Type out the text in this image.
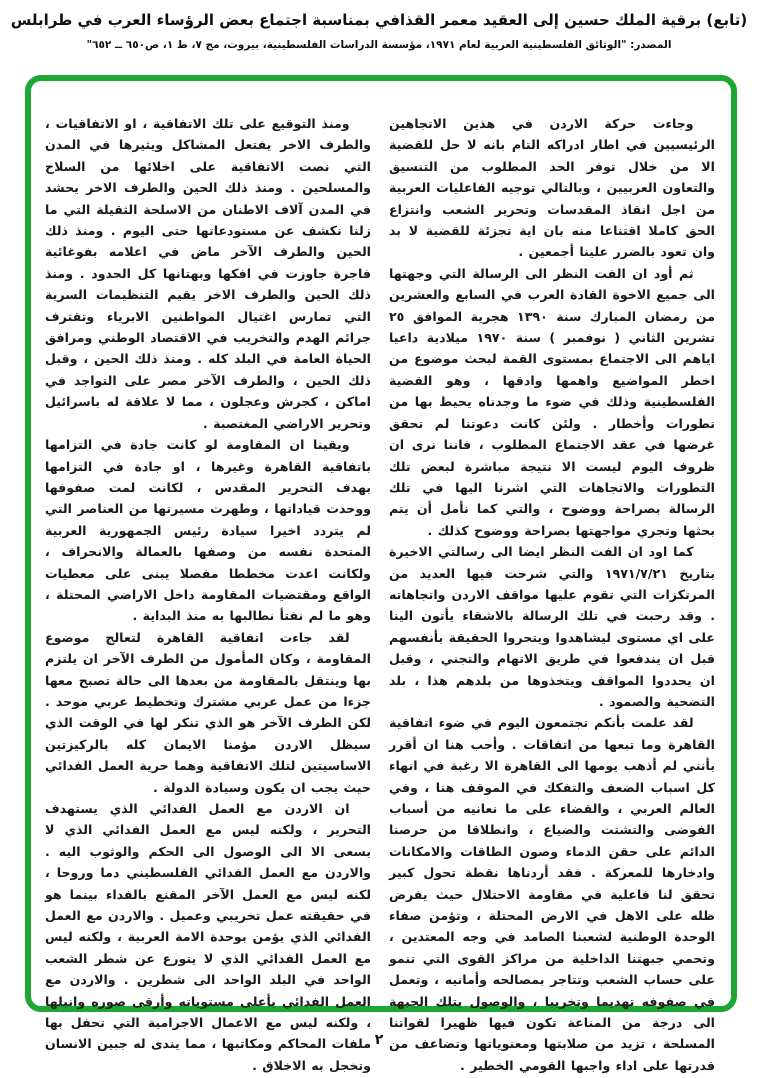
(تابع) برقية الملك حسين إلى العقيد معمر القذافي بمناسبة اجتماع بعض الرؤساء العرب في طرابلس
المصدر: "الوثائق الفلسطينية العربية لعام ١٩٧١، مؤسسة الدراسات الفلسطينية، بيروت، مج ٧، ط ١، ص٦٥٠ ــ ٦٥٢"

وجاءت حركة الاردن في هذين الاتجاهين الرئيسيين في اطار ادراكه التام بانه لا حل للقضية الا من خلال توفر الحد المطلوب من التنسيق والتعاون العربيين ، وبالتالي توجيه الفاعليات العربية من اجل انقاذ المقدسات وتحرير الشعب وانتزاع الحق كاملا اقتناعا منه بان اية تجزئة للقضية لا بد وان تعود بالضرر علينا أجمعين .

ثم أود ان الفت النظر الى الرسالة التي وجهتها الى جميع الاخوة القادة العرب في السابع والعشرين من رمضان المبارك سنة ١٣٩٠ هجرية الموافق ٢٥ تشرين الثاني ( نوفمبر ) سنة ١٩٧٠ ميلادية داعيا اياهم الى الاجتماع بمستوى القمة لبحث موضوع من اخطر المواضيع واهمها وادقها ، وهو القضية الفلسطينية وذلك في ضوء ما وجدناه يحيط بها من تطورات وأخطار . ولئن كانت دعوتنا لم تحقق غرضها في عقد الاجتماع المطلوب ، فاننا نرى ان ظروف اليوم ليست الا نتيجة مباشرة لبعض تلك التطورات والاتجاهات التي اشرنا اليها في تلك الرسالة بصراحة ووضوح ، والتي كما نأمل أن يتم بحثها وتجري مواجهتها بصراحة ووضوح كذلك .

كما اود ان الفت النظر ايضا الى رسالتي الاخيرة بتاريخ ١٩٧١/٧/٢١ والتي شرحت فيها العديد من المرتكزات التي تقوم عليها مواقف الاردن واتجاهاته . وقد رحبت في تلك الرسالة بالاشقاء يأتون الينا على اي مستوى ليشاهدوا ويتحروا الحقيقة بأنفسهم قبل ان يندفعوا في طريق الاتهام والتجني ، وقبل ان يحددوا المواقف ويتخذوها من بلدهم هذا ، بلد التضحية والصمود .

لقد علمت بأنكم تجتمعون اليوم في ضوء اتفاقية القاهرة وما تبعها من اتفاقات . وأحب هنا ان أقرر بأنني لم أذهب يومها الى القاهرة الا رغبة في انهاء كل اسباب الضعف والتفكك في الموقف هنا ، وفي العالم العربي ، والقضاء على ما نعانيه من أسباب الفوضى والتشتت والضياع ، وانطلاقا من حرصنا الدائم على حقن الدماء وصون الطاقات والامكانات وادخارها للمعركة . فقد أردناها نقطة تحول كبير تحقق لنا فاعلية في مقاومة الاحتلال حيث يفرض ظله على الاهل في الارض المحتلة ، وتؤمن صفاء الوحدة الوطنية لشعبنا الصامد في وجه المعتدين ، وتحمي جبهتنا الداخلية من مراكز القوى التي تنمو على حساب الشعب وتتاجر بمصالحه وأمانيه ، وتعمل في صفوفه تهديما وتخريبا ، والوصول بتلك الجبهة الى درجة من المناعة تكون فيها ظهيرا لقواتنا المسلحة ، تزيد من صلابتها ومعنوياتها وتضاعف من قدرتها على اداء واجبها القومي الخطير .

ومنذ التوقيع على تلك الاتفاقية ، او الاتفاقيات ، والطرف الاخر يفتعل المشاكل ويثيرها في المدن التي نصت الاتفاقية على اخلائها من السلاح والمسلحين . ومنذ ذلك الحين والطرف الاخر يحشد في المدن آلاف الاطنان من الاسلحة الثقيلة التي ما زلنا نكشف عن مستودعاتها حتى اليوم . ومنذ ذلك الحين والطرف الآخر ماض في اعلامه بفوغائية فاجرة جاوزت في افكها وبهتانها كل الحدود . ومنذ ذلك الحين والطرف الاخر يقيم التنظيمات السرية التي تمارس اغتيال المواطنين الابرياء وتقترف جرائم الهدم والتخريب في الاقتصاد الوطني ومرافق الحياة العامة في البلد كله . ومنذ ذلك الحين ، وقبل ذلك الحين ، والطرف الآخر مصر على التواجد في اماكن ، كجرش وعجلون ، مما لا علاقة له باسرائيل وتحرير الاراضي المغتصبة .

ويقينا ان المقاومة لو كانت جادة في التزامها باتفاقية القاهرة وغيرها ، او جادة في التزامها بهدف التحرير المقدس ، لكانت لمت صفوفها ووحدت قياداتها ، وطهرت مسيرتها من العناصر التي لم يتردد اخيرا سيادة رئيس الجمهورية العربية المتحدة نفسه من وصفها بالعمالة والانحراف ، ولكانت اعدت مخططا مفصلا يبنى على معطيات الواقع ومقتضيات المقاومة داخل الاراضي المحتلة ، وهو ما لم نفتأ نطالبها به منذ البداية .

لقد جاءت اتفاقية القاهرة لتعالج موضوع المقاومة ، وكان المأمول من الطرف الآخر ان يلتزم بها وينتقل بالمقاومة من بعدها الى حالة تصبح معها جزءا من عمل عربي مشترك وتخطيط عربي موحد . لكن الطرف الآخر هو الذي تنكر لها في الوقت الذي سيظل الاردن مؤمنا الايمان كله بالركيزتين الاساسيتين لتلك الاتفاقية وهما حرية العمل الفدائي حيث يجب ان يكون وسيادة الدولة .

ان الاردن مع العمل الفدائي الذي يستهدف التحرير ، ولكنه ليس مع العمل الفدائي الذي لا يسعى الا الى الوصول الى الحكم والوثوب اليه . والاردن مع العمل الفدائي الفلسطيني دما وروحا ، لكنه ليس مع العمل الآخر المقنع بالفداء بينما هو في حقيقته عمل تخريبي وعميل . والاردن مع العمل الفدائي الذي يؤمن بوحدة الامة العربية ، ولكنه ليس مع العمل الفدائي الذي لا يتورع عن شطر الشعب الواحد في البلد الواحد الى شطرين . والاردن مع العمل الفدائي بأعلى مستوياته وأرقى صوره وانبلها ، ولكنه ليس مع الاعمال الاجرامية التي تحفل بها ملفات المحاكم ومكاتبها ، مما يندى له جبين الانسان وتخجل به الاخلاق .

٢
